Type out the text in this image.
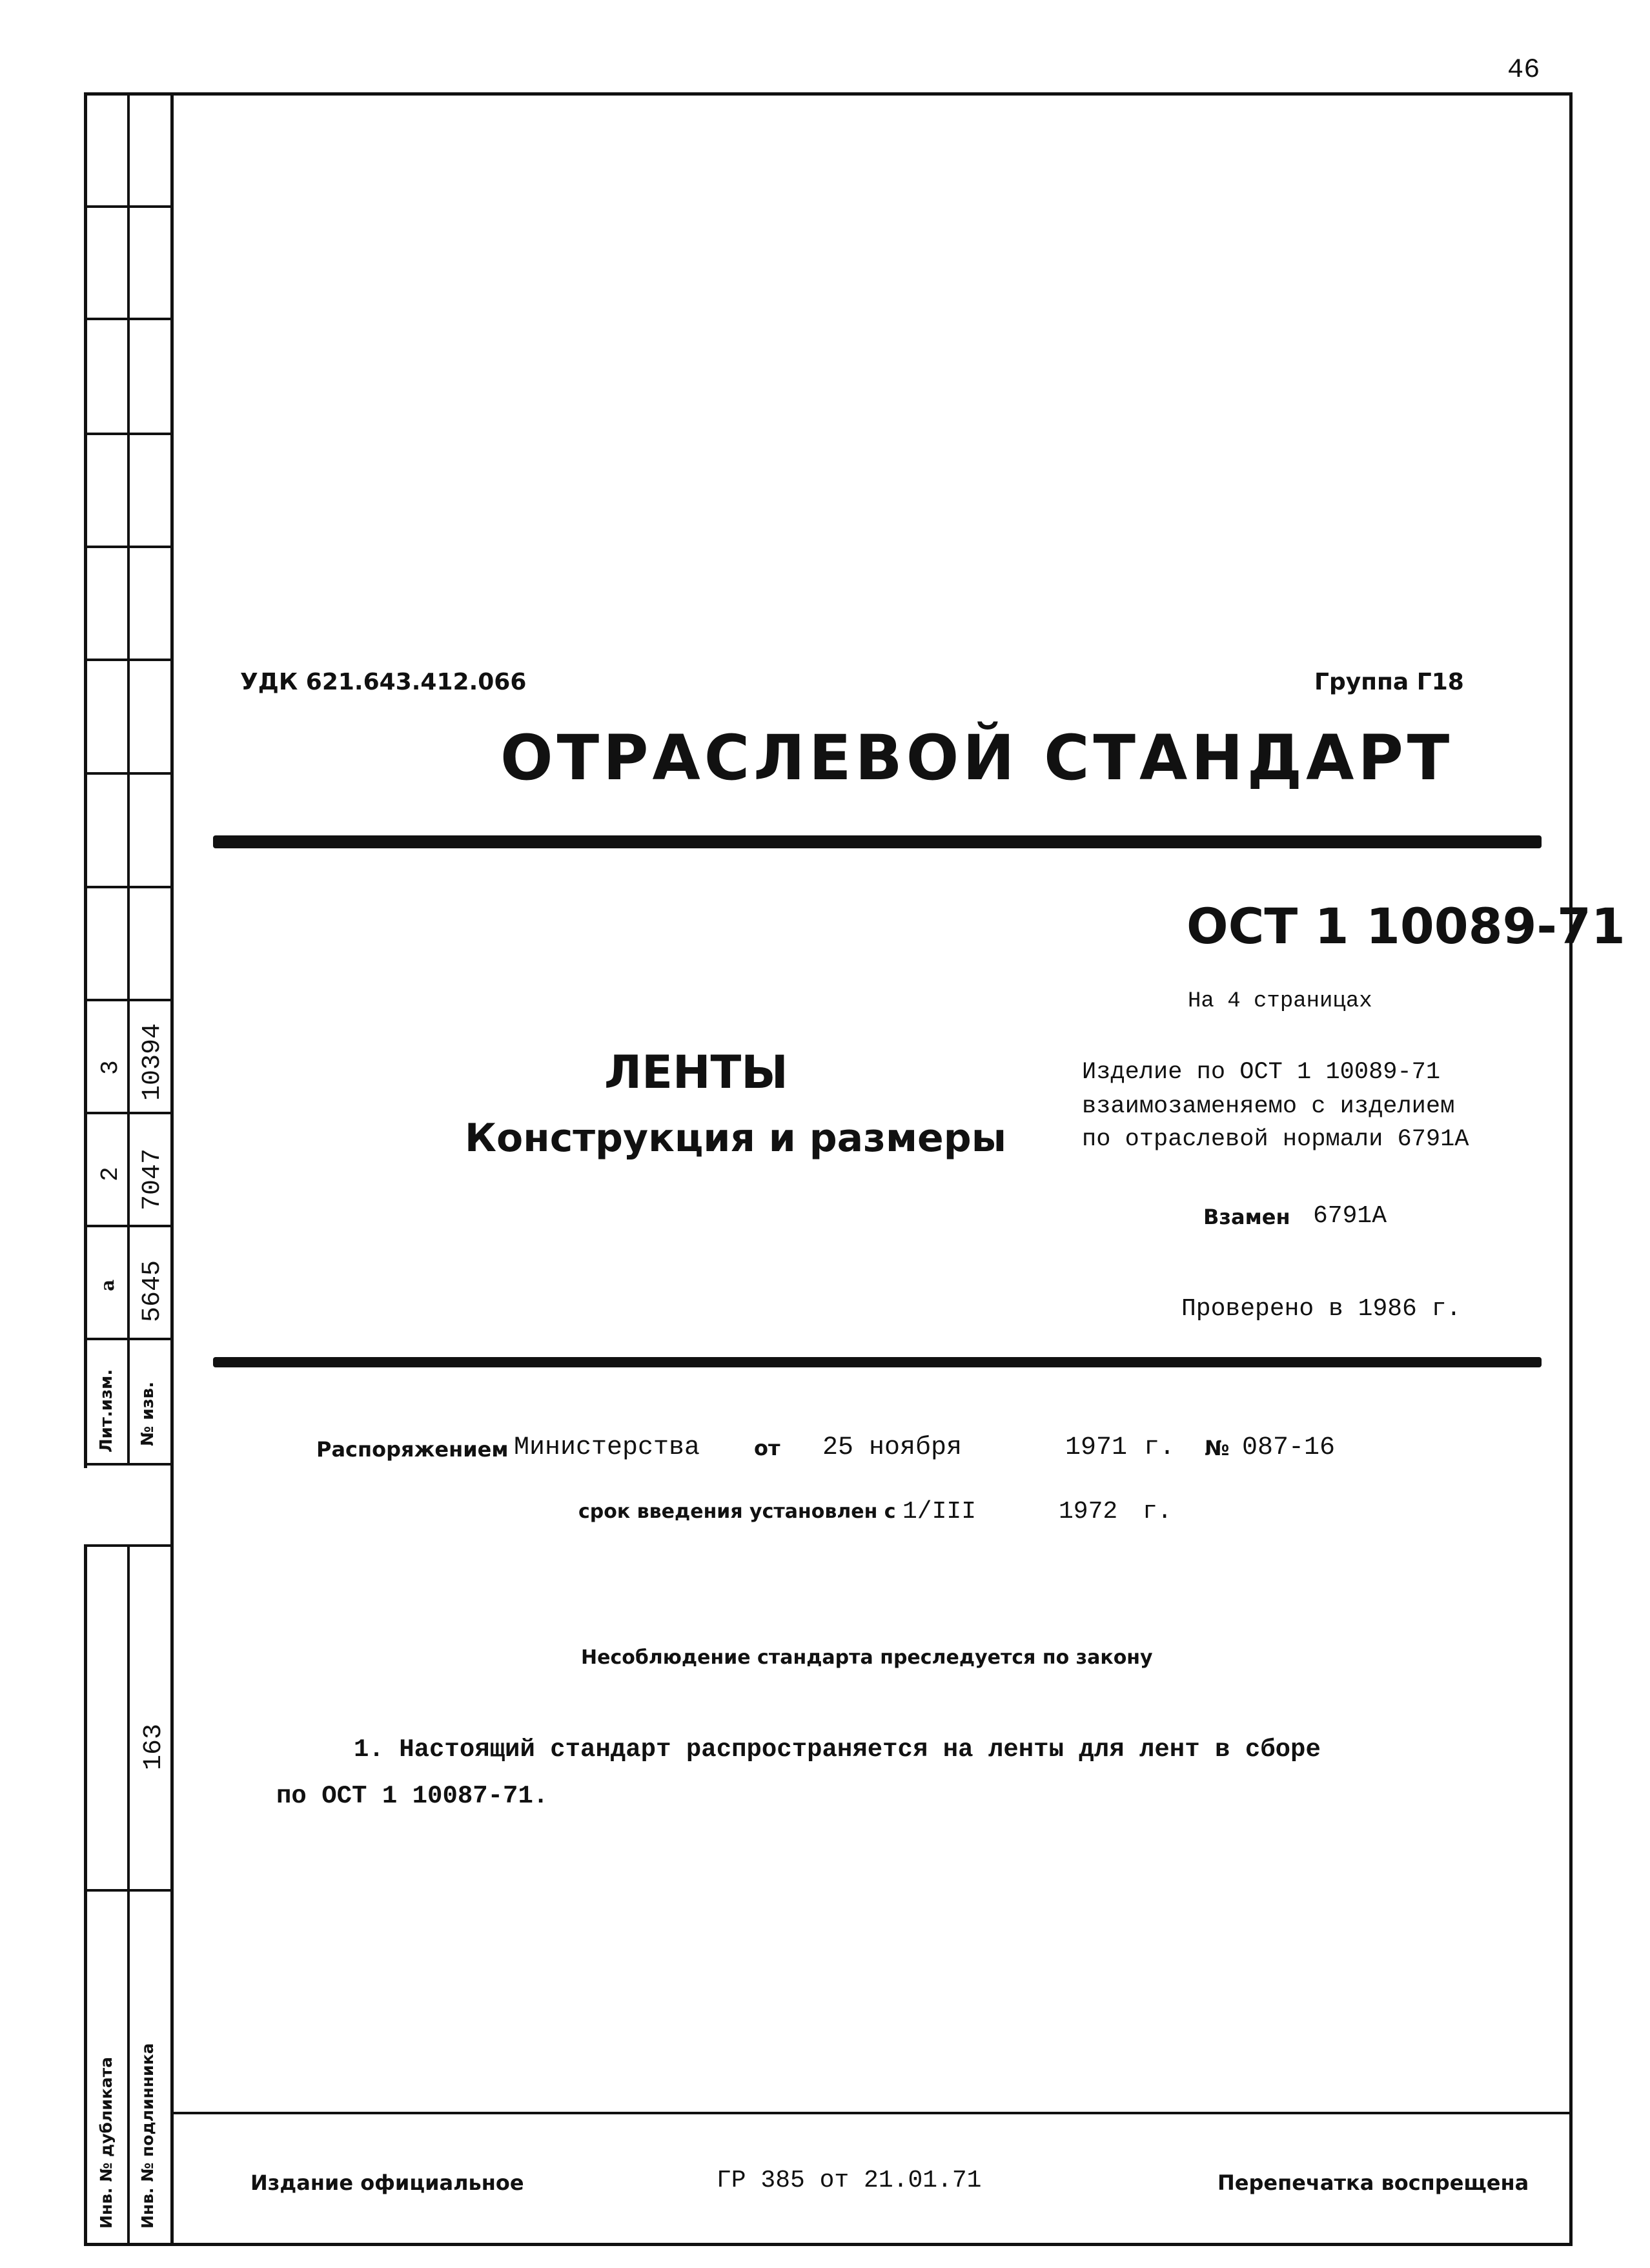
3 10394
2 7047
а 5645
Лит.изм. № изв.
163
Инв. № дубликата Инв. № подлинника
46
УДК 621.643.412.066	Группа Г18
ОТРАСЛЕВОЙ СТАНДАРТ
ОСТ 1 10089-71
На 4 страницах
ЛЕНТЫ
Конструкция и размеры
Изделие по ОСТ 1 10089-71
взаимозаменяемо с изделием
по отраслевой нормали 6791А
Взамен 6791А
Проверено в 1986 г.
Распоряжением Министерства	от 25 ноября	1971 г. № 087-16
срок введения установлен с 1/III	1972 г.
Несоблюдение стандарта преследуется по закону
1. Настоящий стандарт распространяется на ленты для лент в сборе
по ОСТ 1 10087-71.
Издание официальное	ГР 385 от 21.01.71	Перепечатка воспрещена
